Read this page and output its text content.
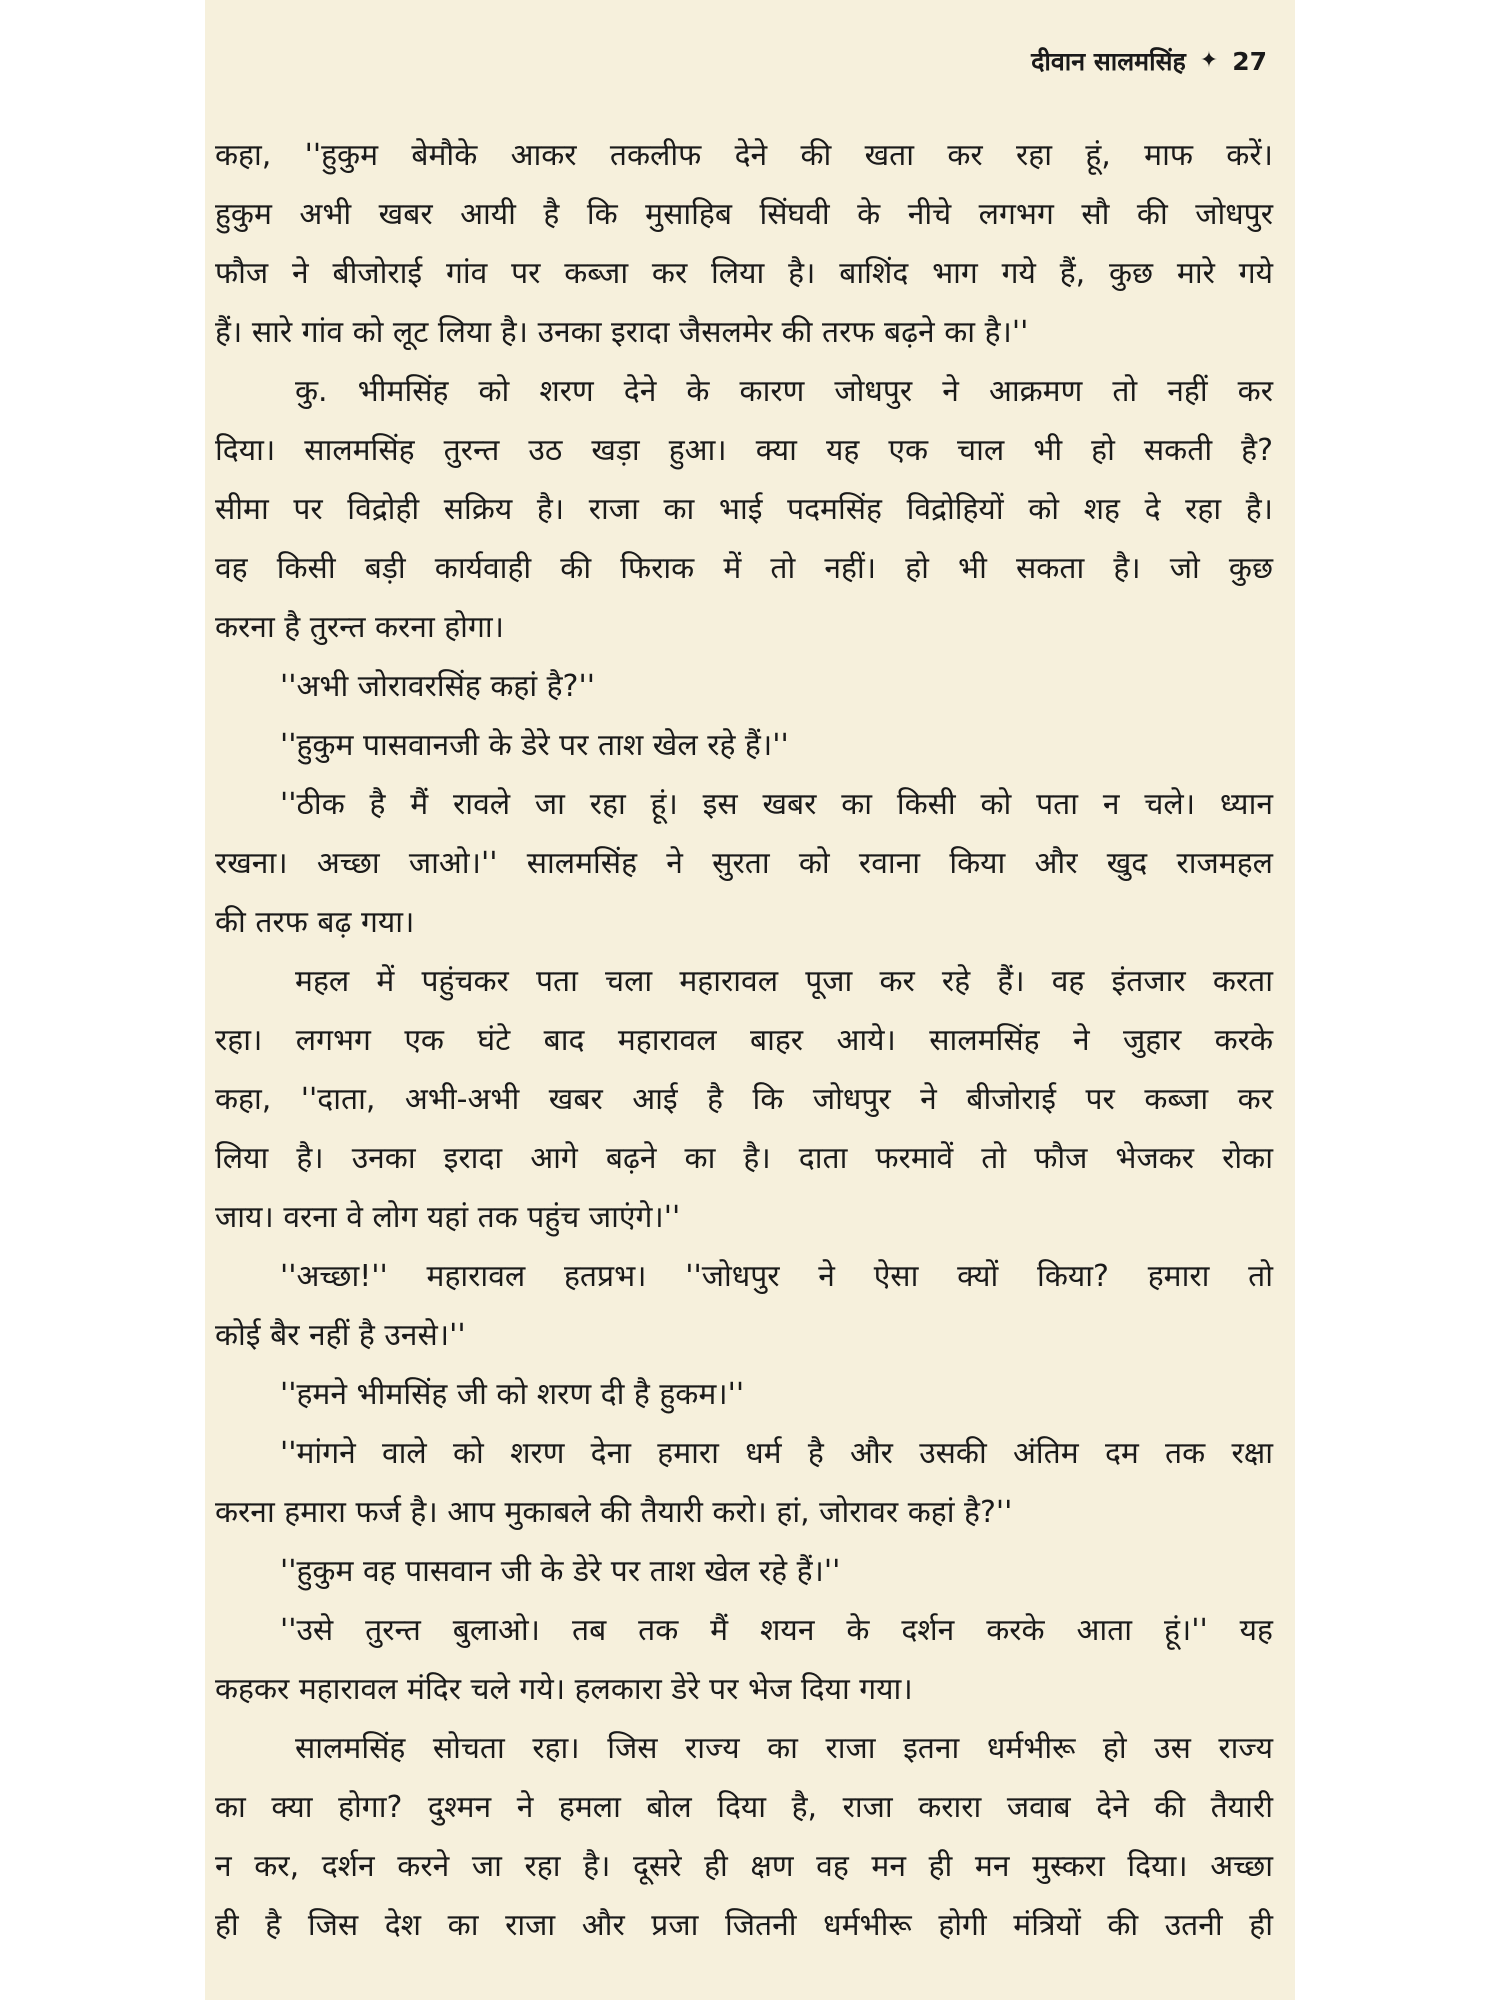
दीवान सालमसिंह ✦ 27
कहा, ''हुकुम बेमौके आकर तकलीफ देने की खता कर रहा हूं, माफ करें।
हुकुम अभी खबर आयी है कि मुसाहिब सिंघवी के नीचे लगभग सौ की जोधपुर
फौज ने बीजोराई गांव पर कब्जा कर लिया है। बाशिंद भाग गये हैं, कुछ मारे गये
हैं। सारे गांव को लूट लिया है। उनका इरादा जैसलमेर की तरफ बढ़ने का है।''
कु. भीमसिंह को शरण देने के कारण जोधपुर ने आक्रमण तो नहीं कर
दिया। सालमसिंह तुरन्त उठ खड़ा हुआ। क्या यह एक चाल भी हो सकती है?
सीमा पर विद्रोही सक्रिय है। राजा का भाई पदमसिंह विद्रोहियों को शह दे रहा है।
वह किसी बड़ी कार्यवाही की फिराक में तो नहीं। हो भी सकता है। जो कुछ
करना है तुरन्त करना होगा।
''अभी जोरावरसिंह कहां है?''
''हुकुम पासवानजी के डेरे पर ताश खेल रहे हैं।''
''ठीक है मैं रावले जा रहा हूं। इस खबर का किसी को पता न चले। ध्यान
रखना। अच्छा जाओ।'' सालमसिंह ने सुरता को रवाना किया और खुद राजमहल
की तरफ बढ़ गया।
महल में पहुंचकर पता चला महारावल पूजा कर रहे हैं। वह इंतजार करता
रहा। लगभग एक घंटे बाद महारावल बाहर आये। सालमसिंह ने जुहार करके
कहा, ''दाता, अभी-अभी खबर आई है कि जोधपुर ने बीजोराई पर कब्जा कर
लिया है। उनका इरादा आगे बढ़ने का है। दाता फरमावें तो फौज भेजकर रोका
जाय। वरना वे लोग यहां तक पहुंच जाएंगे।''
''अच्छा!'' महारावल हतप्रभ। ''जोधपुर ने ऐसा क्यों किया? हमारा तो
कोई बैर नहीं है उनसे।''
''हमने भीमसिंह जी को शरण दी है हुकम।''
''मांगने वाले को शरण देना हमारा धर्म है और उसकी अंतिम दम तक रक्षा
करना हमारा फर्ज है। आप मुकाबले की तैयारी करो। हां, जोरावर कहां है?''
''हुकुम वह पासवान जी के डेरे पर ताश खेल रहे हैं।''
''उसे तुरन्त बुलाओ। तब तक मैं शयन के दर्शन करके आता हूं।'' यह
कहकर महारावल मंदिर चले गये। हलकारा डेरे पर भेज दिया गया।
सालमसिंह सोचता रहा। जिस राज्य का राजा इतना धर्मभीरू हो उस राज्य
का क्या होगा? दुश्मन ने हमला बोल दिया है, राजा करारा जवाब देने की तैयारी
न कर, दर्शन करने जा रहा है। दूसरे ही क्षण वह मन ही मन मुस्करा दिया। अच्छा
ही है जिस देश का राजा और प्रजा जितनी धर्मभीरू होगी मंत्रियों की उतनी ही
